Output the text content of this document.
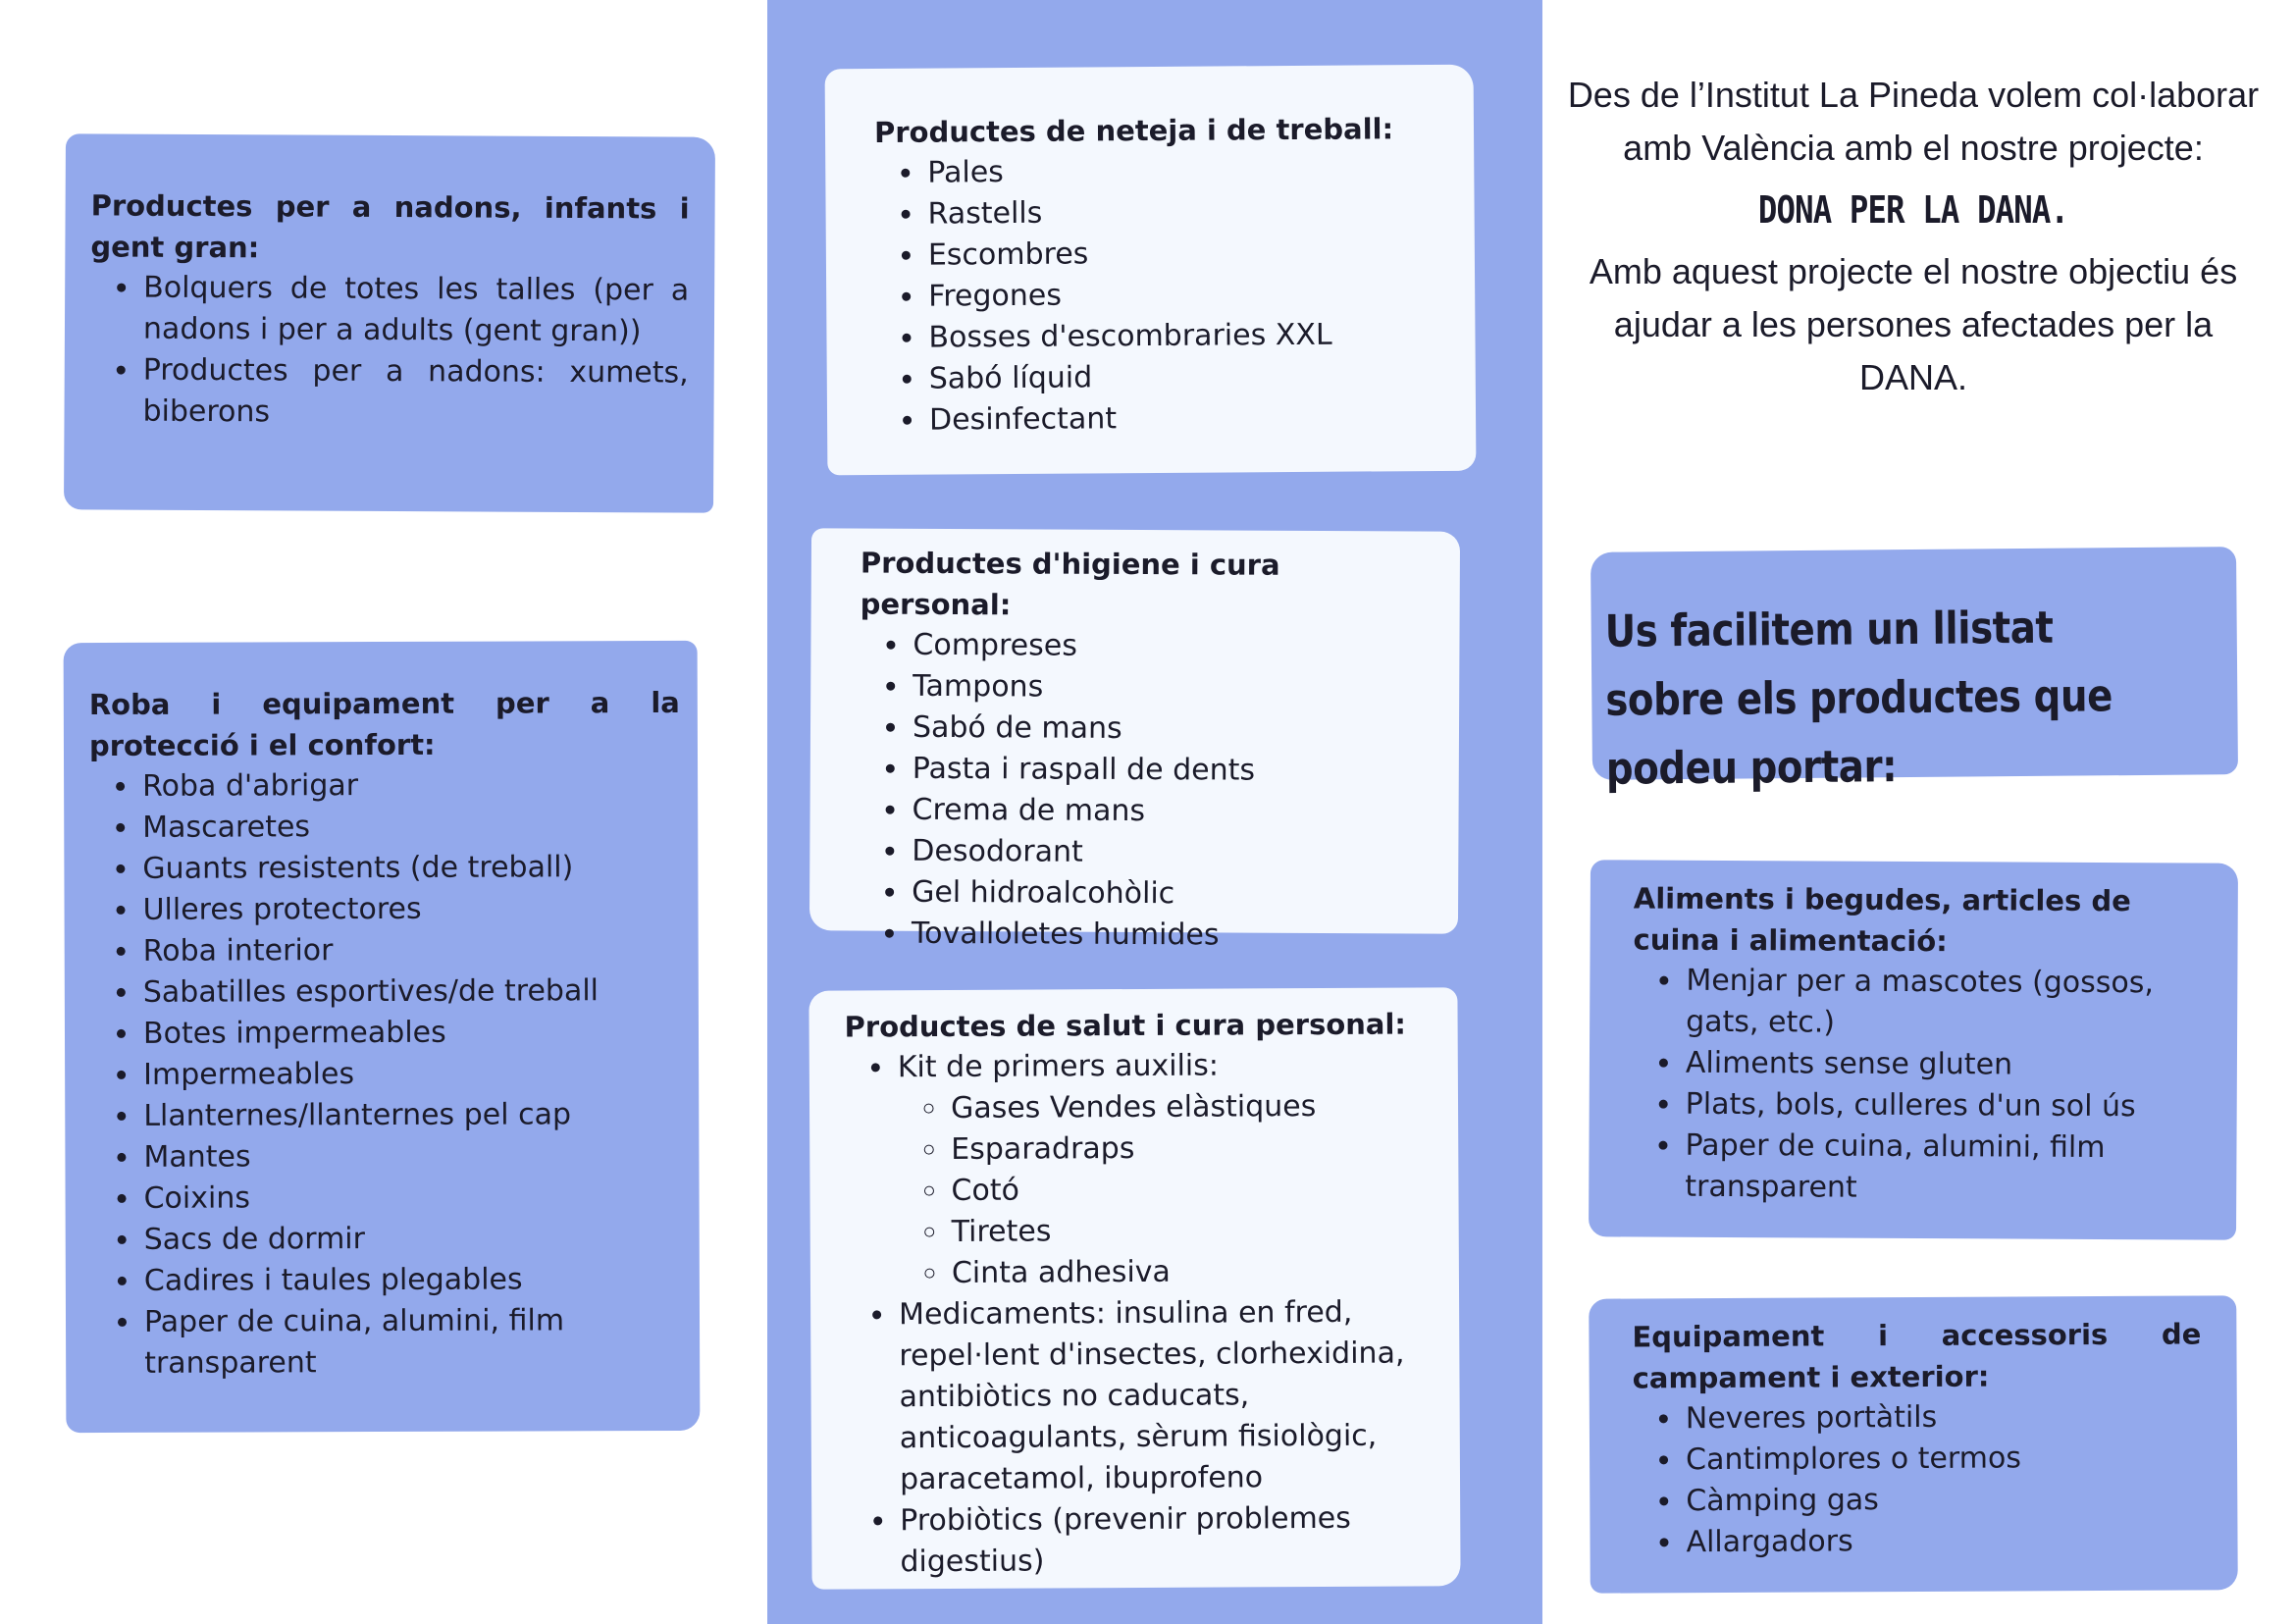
Productes per a nadons, infants i gent gran:
• Bolquers de totes les talles (per a nadons i per a adults (gent gran))
• Productes per a nadons: xumets, biberons
Roba i equipament per a la protecció i el confort:
• Roba d'abrigar
• Mascaretes
• Guants resistents (de treball)
• Ulleres protectores
• Roba interior
• Sabatilles esportives/de treball
• Botes impermeables
• Impermeables
• Llanternes/llanternes pel cap
• Mantes
• Coixins
• Sacs de dormir
• Cadires i taules plegables
• Paper de cuina, alumini, film transparent
Productes de neteja i de treball:
• Pales
• Rastells
• Escombres
• Fregones
• Bosses d'escombraries XXL
• Sabó líquid
• Desinfectant
Productes d'higiene i cura personal:
• Compreses
• Tampons
• Sabó de mans
• Pasta i raspall de dents
• Crema de mans
• Desodorant
• Gel hidroalcohòlic
• Tovalloletes humides
Productes de salut i cura personal:
• Kit de primers auxilis:
◦ Gases Vendes elàstiques
◦ Esparadraps
◦ Cotó
◦ Tiretes
◦ Cinta adhesiva
• Medicaments: insulina en fred, repel·lent d'insectes, clorhexidina, antibiòtics no caducats, anticoagulants, sèrum fisiològic, paracetamol, ibuprofeno
• Probiòtics (prevenir problemes digestius)

Des de l’Institut La Pineda volem col·laborar amb València amb el nostre projecte:

DONA PER LA DANA.

Amb aquest projecte el nostre objectiu és ajudar a les persones afectades per la DANA.

Us facilitem un llistat sobre els productes que podeu portar:

Aliments i begudes, articles de cuina i alimentació:
• Menjar per a mascotes (gossos, gats, etc.)
• Aliments sense gluten
• Plats, bols, culleres d'un sol ús
• Paper de cuina, alumini, film transparent
Equipament i accessoris de campament i exterior:
• Neveres portàtils
• Cantimplores o termos
• Càmping gas
• Allargadors
